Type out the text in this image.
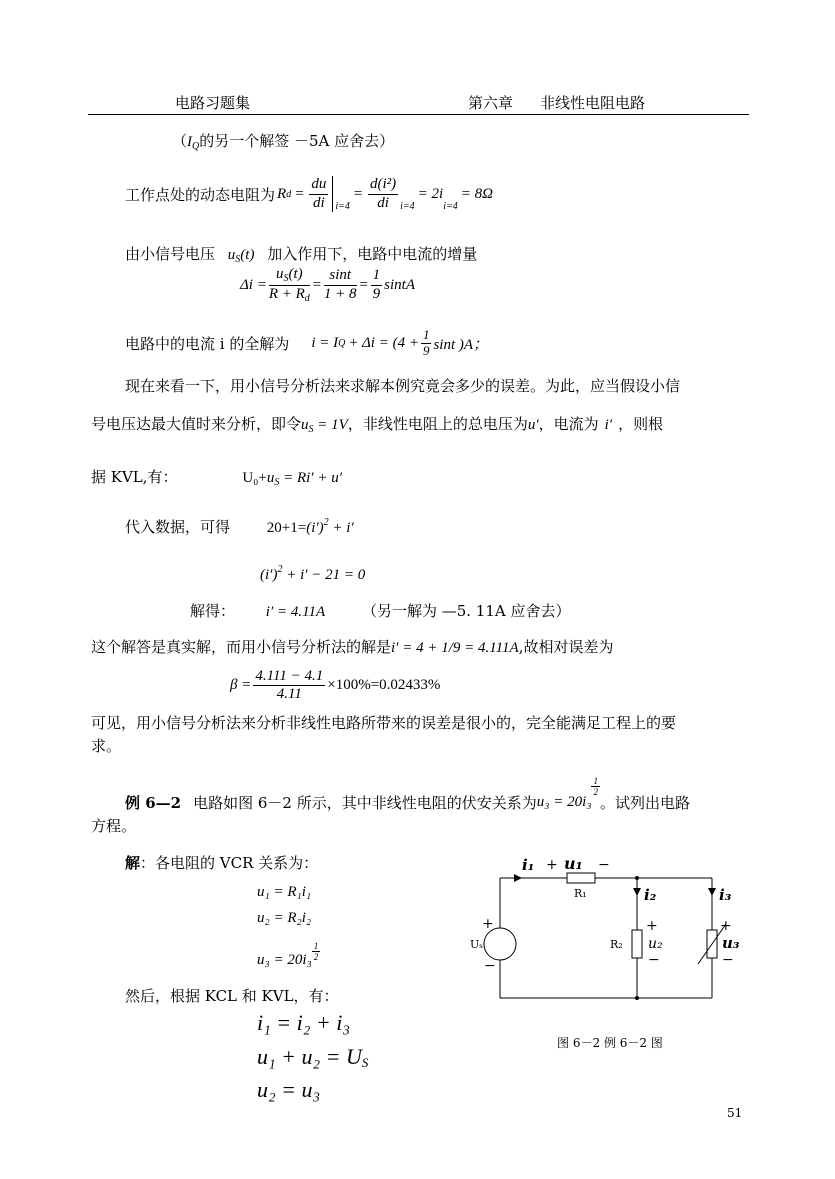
电路习题集	第六章 非线性电阻电路
（$I_Q$的另一个解签 －5A 应舍去）
工作点处的动态电阻为 R $d = \frac{du}{di} i=4$
= $\frac{\text{d(i²)}}{di} i=4$
= 2i
i=4
= 8Ω
由小信号电压 $u_S(t)$ 加入作用下，电路中电流的增量
$\Delta i = \frac{u_S(t)}{R + R_d} = \frac{\sin t}{1 + 8} = \frac{1}{9}$ sintA
电路中的电流 i 的全解为 i = I $Q + \Delta i = (4 + \frac{1}{9}$ sint )A；
现在来看一下，用小信号分析法来求解本例究竟会多少的误差。为此，应当假设小信
号电压达最大值时来分析，即令$u_S = 1V$，非线性电阻上的总电压为u′，电流为 i′ ，则根
据 KVL,有：	$U_0+u_S = Ri' + u'$
代入数据，可得 $20+1=(i')^2 + i'$
$(i')^2 + i' - 21 = 0$
解得： i′ = 4.11A （另一解为 —5. 11A 应舍去）
这个解答是真实解，而用小信号分析法的解是i′ = 4 + 1/9 = 4.111A,故相对误差为
$\beta = \frac{4.111 - 4.1}{4.11} \times 100\%=0.02433\%$
可见，用小信号分析法来分析非线性电路所带来的误差是很小的，完全能满足工程上的要
求。
例 6—2 电路如图 6－2 所示，其中非线性电阻的伏安关系为 u₃ = 20i₃
$\frac{1}{2}$
。试列出电路
方程。
解：各电阻的 VCR 关系为：
u₁ = R₁i₁
u₂ = R₂i₂
$u_3 = 20i_3 \frac{1}{2}$
然后，根据 KCL 和 KVL，有：
i₁ = i₂ + i₃
$u_1 + u_2 = U_S$
u₂ = u₃
i₁ + u₁ −
R₁	i₂	i₃
+
Uₛ
−
R₂
+
u₂
−
+
u₃
−
图 6－2 例 6－2 图
51
